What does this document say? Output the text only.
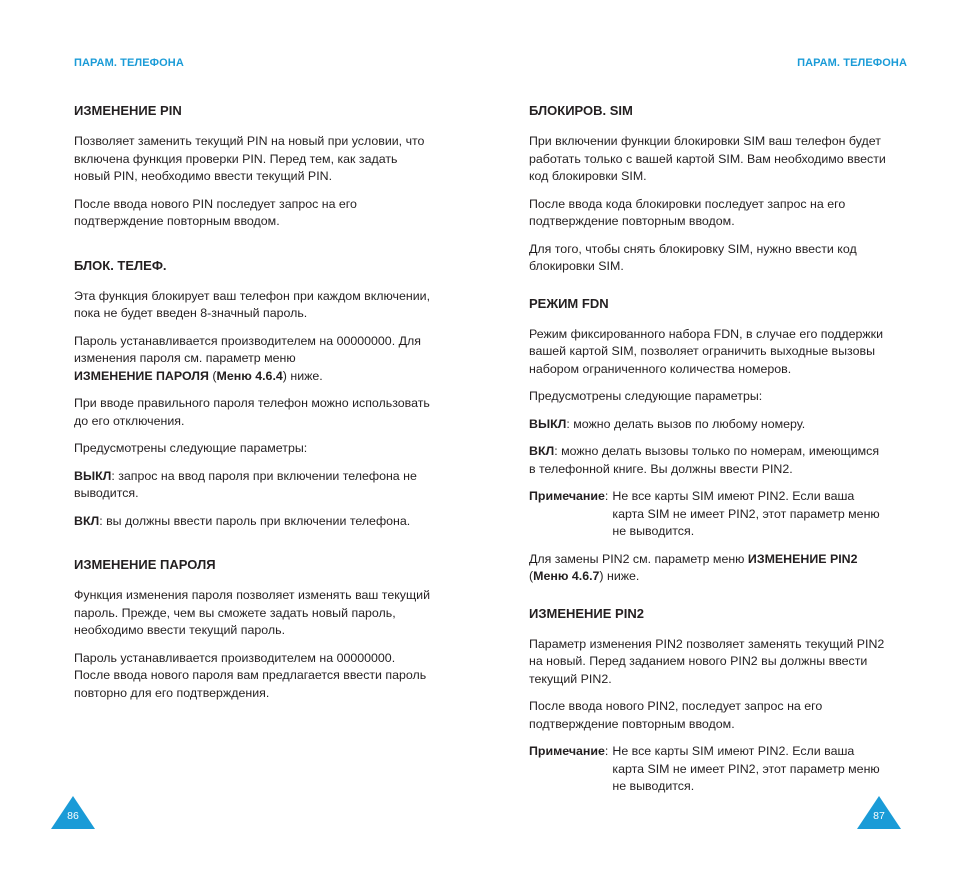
ПАРАМ. ТЕЛЕФОНА
ИЗМЕНЕНИЕ PIN

Позволяет заменить текущий PIN на новый при условии, что включена функция проверки PIN. Перед тем, как задать новый PIN, необходимо ввести текущий PIN.

После ввода нового PIN последует запрос на его подтверждение повторным вводом.

БЛОК. ТЕЛЕФ.

Эта функция блокирует ваш телефон при каждом включении, пока не будет введен 8-значный пароль.

Пароль устанавливается производителем на 00000000. Для изменения пароля см. параметр меню
ИЗМЕНЕНИЕ ПАРОЛЯ (Меню 4.6.4) ниже.

При вводе правильного пароля телефон можно использовать до его отключения.

Предусмотрены следующие параметры:

ВЫКЛ: запрос на ввод пароля при включении телефона не выводится.

ВКЛ: вы должны ввести пароль при включении телефона.

ИЗМЕНЕНИЕ ПАРОЛЯ

Функция изменения пароля позволяет изменять ваш текущий пароль. Прежде, чем вы сможете задать новый пароль, необходимо ввести текущий пароль.

Пароль устанавливается производителем на 00000000. После ввода нового пароля вам предлагается ввести пароль повторно для его подтверждения.

86
ПАРАМ. ТЕЛЕФОНА
БЛОКИРОВ. SIM

При включении функции блокировки SIM ваш телефон будет работать только с вашей картой SIM. Вам необходимо ввести код блокировки SIM.

После ввода кода блокировки последует запрос на его подтверждение повторным вводом.

Для того, чтобы снять блокировку SIM, нужно ввести код блокировки SIM.

РЕЖИМ FDN

Режим фиксированного набора FDN, в случае его поддержки вашей картой SIM, позволяет ограничить выходные вызовы набором ограниченного количества номеров.

Предусмотрены следующие параметры:

ВЫКЛ: можно делать вызов по любому номеру.

ВКЛ: можно делать вызовы только по номерам, имеющимся в телефонной книге. Вы должны ввести PIN2.

Примечание : Не все карты SIM имеют PIN2. Если ваша карта SIM не имеет PIN2, этот параметр меню не выводится.

Для замены PIN2 см. параметр меню ИЗМЕНЕНИЕ PIN2 (Меню 4.6.7) ниже.

ИЗМЕНЕНИЕ PIN2

Параметр изменения PIN2 позволяет заменять текущий PIN2 на новый. Перед заданием нового PIN2 вы должны ввести текущий PIN2.

После ввода нового PIN2, последует запрос на его подтверждение повторным вводом.

Примечание : Не все карты SIM имеют PIN2. Если ваша карта SIM не имеет PIN2, этот параметр меню не выводится.
87
